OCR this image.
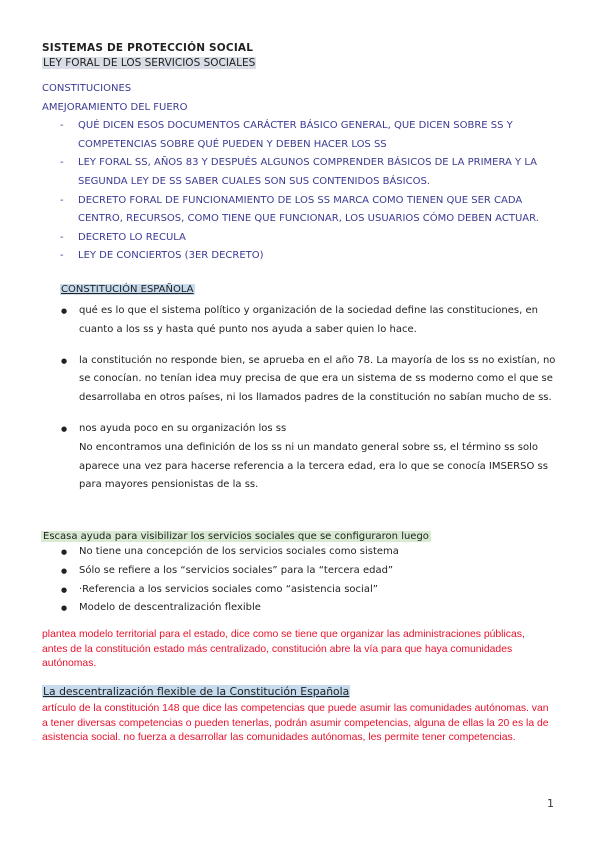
SISTEMAS DE PROTECCIÓN SOCIAL
LEY FORAL DE LOS SERVICIOS SOCIALES
CONSTITUCIONES
AMEJORAMIENTO DEL FUERO
- QUÉ DICEN ESOS DOCUMENTOS CARÁCTER BÁSICO GENERAL, QUE DICEN SOBRE SS Y COMPETENCIAS SOBRE QUÉ PUEDEN Y DEBEN HACER LOS SS
- LEY FORAL SS, AÑOS 83 Y DESPUÉS ALGUNOS COMPRENDER BÁSICOS DE LA PRIMERA Y LA SEGUNDA LEY DE SS SABER CUALES SON SUS CONTENIDOS BÁSICOS.
- DECRETO FORAL DE FUNCIONAMIENTO DE LOS SS MARCA COMO TIENEN QUE SER CADA CENTRO, RECURSOS, COMO TIENE QUE FUNCIONAR, LOS USUARIOS CÓMO DEBEN ACTUAR.
- DECRETO LO RECULA
- LEY DE CONCIERTOS (3ER DECRETO)
CONSTITUCIÓN ESPAÑOLA
● qué es lo que el sistema político y organización de la sociedad define las constituciones, en cuanto a los ss y hasta qué punto nos ayuda a saber quien lo hace.
● la constitución no responde bien, se aprueba en el año 78. La mayoría de los ss no existían, no se conocían. no tenían idea muy precisa de que era un sistema de ss moderno como el que se desarrollaba en otros países, ni los llamados padres de la constitución no sabían mucho de ss.
● nos ayuda poco en su organización los ss
No encontramos una definición de los ss ni un mandato general sobre ss, el término ss solo aparece una vez para hacerse referencia a la tercera edad, era lo que se conocía IMSERSO ss para mayores pensionistas de la ss.
Escasa ayuda para visibilizar los servicios sociales que se configuraron luego
● No tiene una concepción de los servicios sociales como sistema
● Sólo se refiere a los “servicios sociales” para la “tercera edad”
● ·Referencia a los servicios sociales como “asistencia social”
● Modelo de descentralización flexible
plantea modelo territorial para el estado, dice como se tiene que organizar las administraciones públicas, antes de la constitución estado más centralizado, constitución abre la vía para que haya comunidades autónomas.
La descentralización flexible de la Constitución Española
artículo de la constitución 148 que dice las competencias que puede asumir las comunidades autónomas. van a tener diversas competencias o pueden tenerlas, podrán asumir competencias, alguna de ellas la 20 es la de asistencia social. no fuerza a desarrollar las comunidades autónomas, les permite tener competencias.
1
